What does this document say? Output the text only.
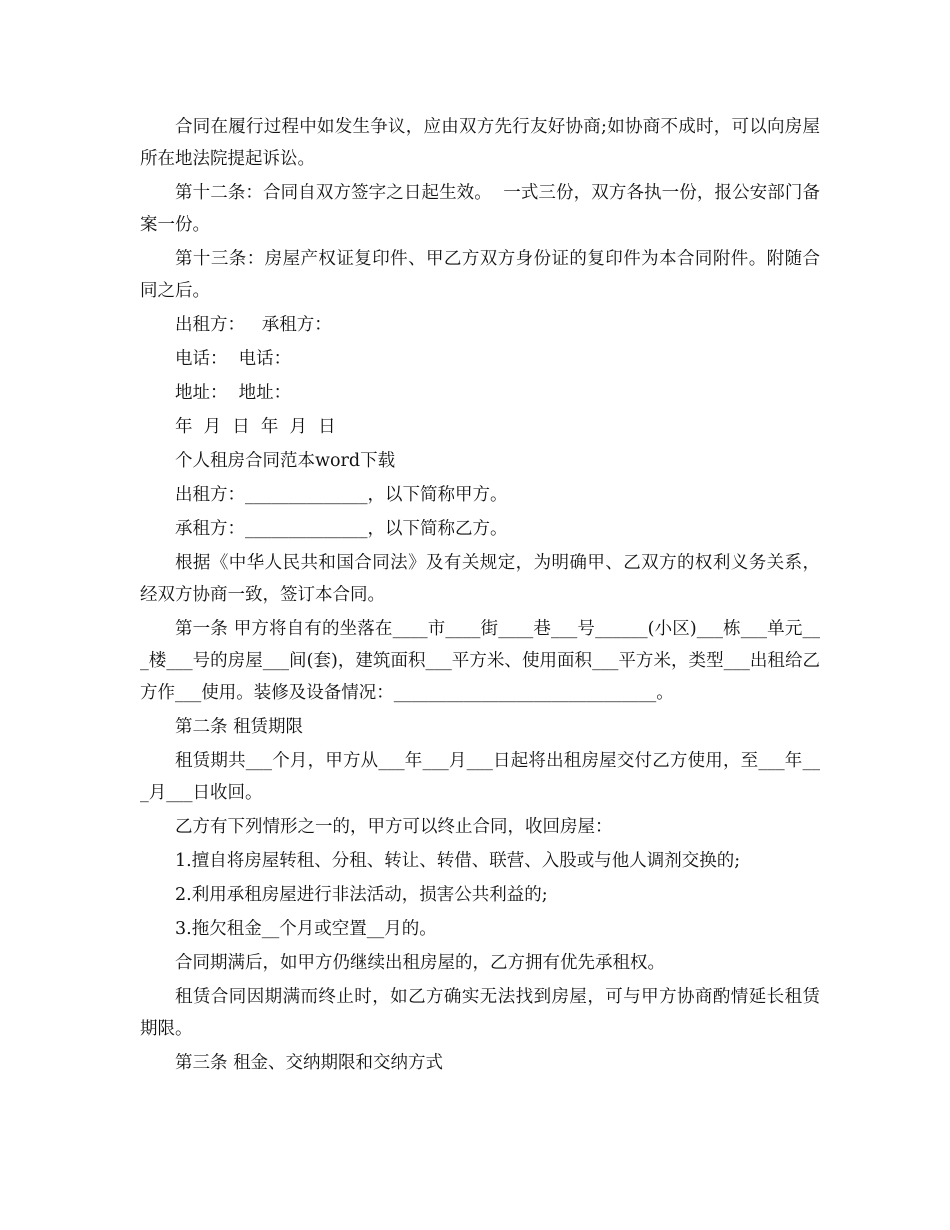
合同在履行过程中如发生争议，应由双方先行友好协商;如协商不成时，可以向房屋所在地法院提起诉讼。

第十二条：合同自双方签字之日起生效。  一式三份，双方各执一份，报公安部门备案一份。

第十三条：房屋产权证复印件、甲乙方双方身份证的复印件为本合同附件。附随合同之后。

出租方：   承租方：

电话：  电话：

地址：  地址：

年  月  日  年  月  日

个人租房合同范本word下载

出租方：______________，以下简称甲方。

承租方：______________，以下简称乙方。

根据《中华人民共和国合同法》及有关规定，为明确甲、乙双方的权利义务关系，经双方协商一致，签订本合同。

第一条 甲方将自有的坐落在____市____街____巷___号______(小区)___栋___单元___楼___号的房屋___间(套)，建筑面积___平方米、使用面积___平方米，类型___出租给乙方作___使用。装修及设备情况：______________________________。

第二条 租赁期限

租赁期共___个月，甲方从___年___月___日起将出租房屋交付乙方使用，至___年___月___日收回。

乙方有下列情形之一的，甲方可以终止合同，收回房屋：

1.擅自将房屋转租、分租、转让、转借、联营、入股或与他人调剂交换的;

2.利用承租房屋进行非法活动，损害公共利益的;

3.拖欠租金__个月或空置__月的。

合同期满后，如甲方仍继续出租房屋的，乙方拥有优先承租权。

租赁合同因期满而终止时，如乙方确实无法找到房屋，可与甲方协商酌情延长租赁期限。

第三条 租金、交纳期限和交纳方式
